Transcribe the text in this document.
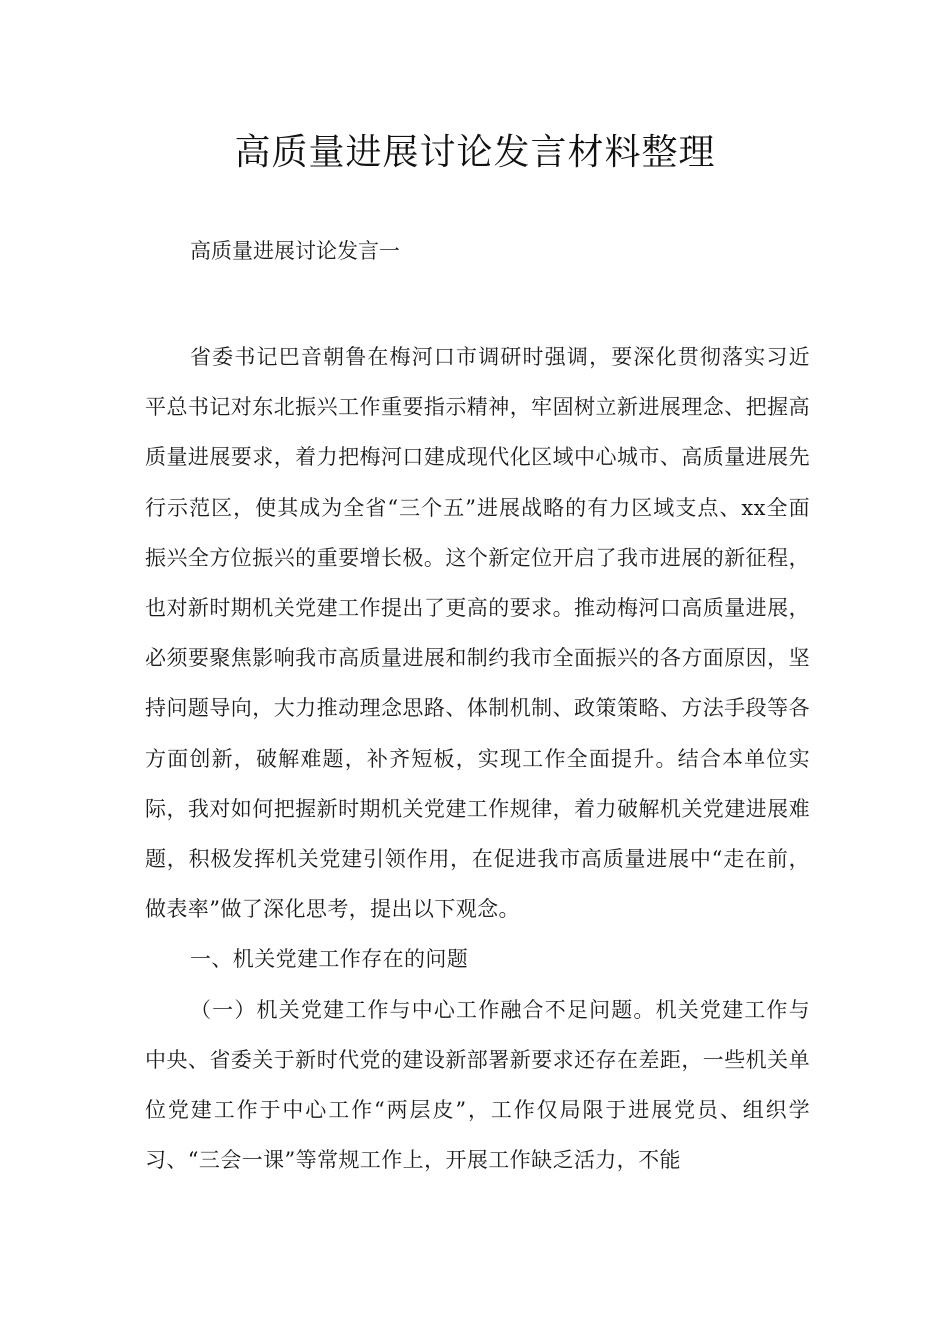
高质量进展讨论发言材料整理
高质量进展讨论发言一

省委书记巴音朝鲁在梅河口市调研时强调，要深化贯彻落实习近平总书记对东北振兴工作重要指示精神，牢固树立新进展理念、把握高质量进展要求，着力把梅河口建成现代化区域中心城市、高质量进展先行示范区，使其成为全省“三个五”进展战略的有力区域支点、xx全面振兴全方位振兴的重要增长极。这个新定位开启了我市进展的新征程，也对新时期机关党建工作提出了更高的要求。推动梅河口高质量进展，必须要聚焦影响我市高质量进展和制约我市全面振兴的各方面原因，坚持问题导向，大力推动理念思路、体制机制、政策策略、方法手段等各方面创新，破解难题，补齐短板，实现工作全面提升。结合本单位实际，我对如何把握新时期机关党建工作规律，着力破解机关党建进展难题，积极发挥机关党建引领作用，在促进我市高质量进展中“走在前，做表率”做了深化思考，提出以下观念。

一、机关党建工作存在的问题

（一）机关党建工作与中心工作融合不足问题。机关党建工作与中央、省委关于新时代党的建设新部署新要求还存在差距，一些机关单位党建工作于中心工作“两层皮”，工作仅局限于进展党员、组织学习、“三会一课”等常规工作上，开展工作缺乏活力，不能
